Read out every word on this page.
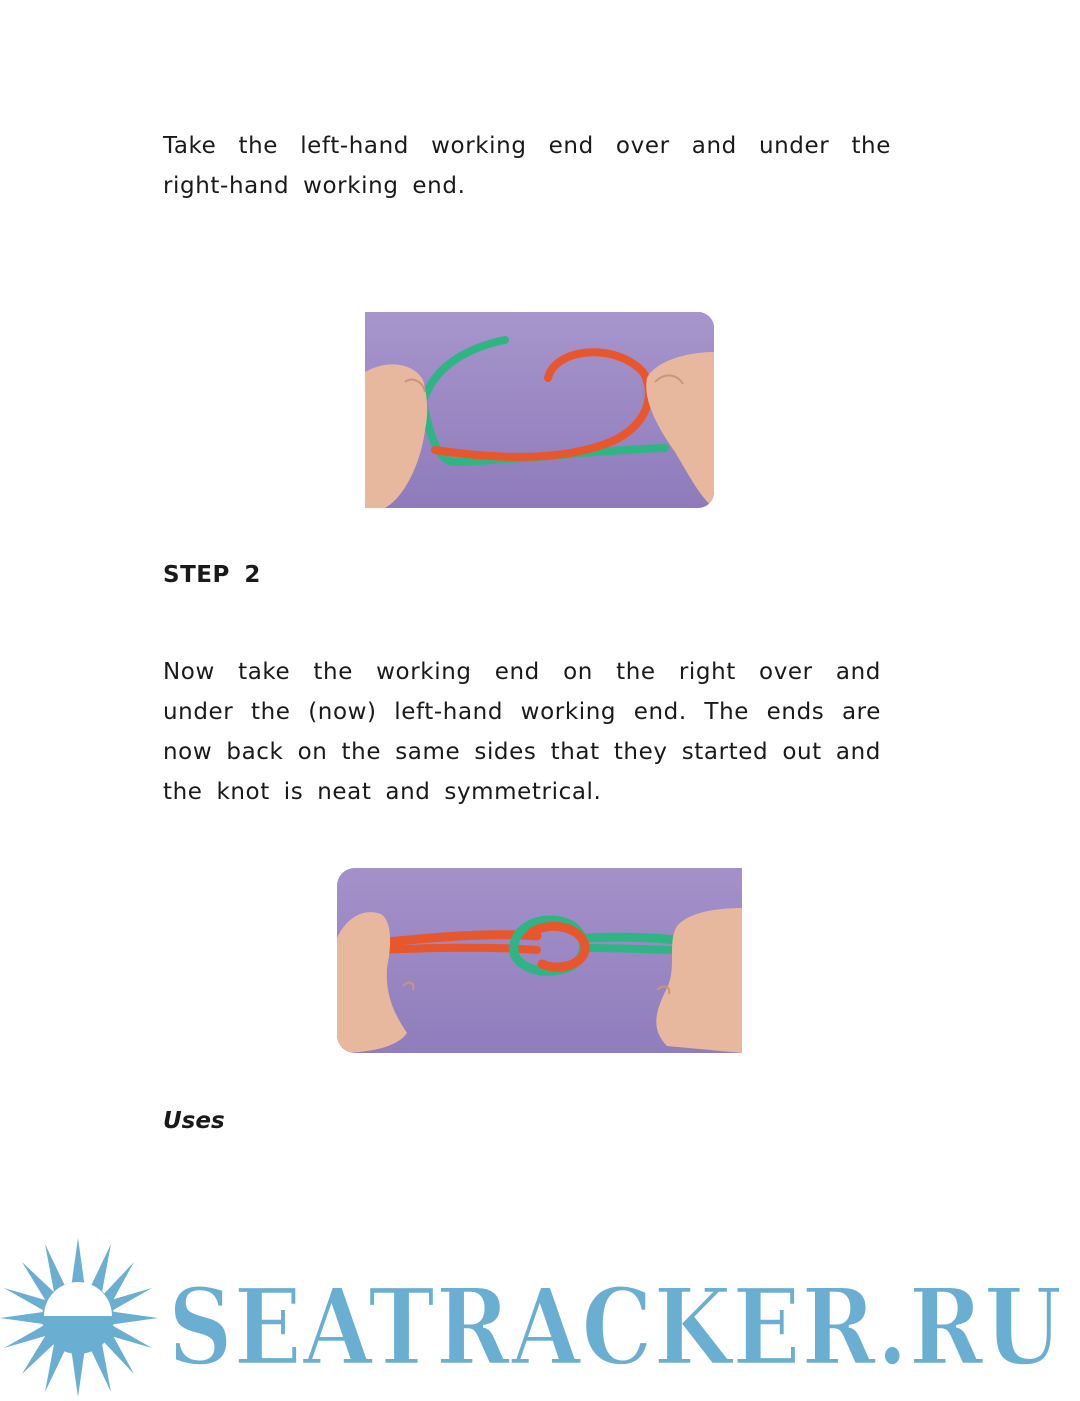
Take the left-hand working end over and under the right-hand working end.

STEP 2

Now take the working end on the right over and under the (now) left-hand working end. The ends are now back on the same sides that they started out and the knot is neat and symmetrical.

Uses

SEATRACKER.RU
